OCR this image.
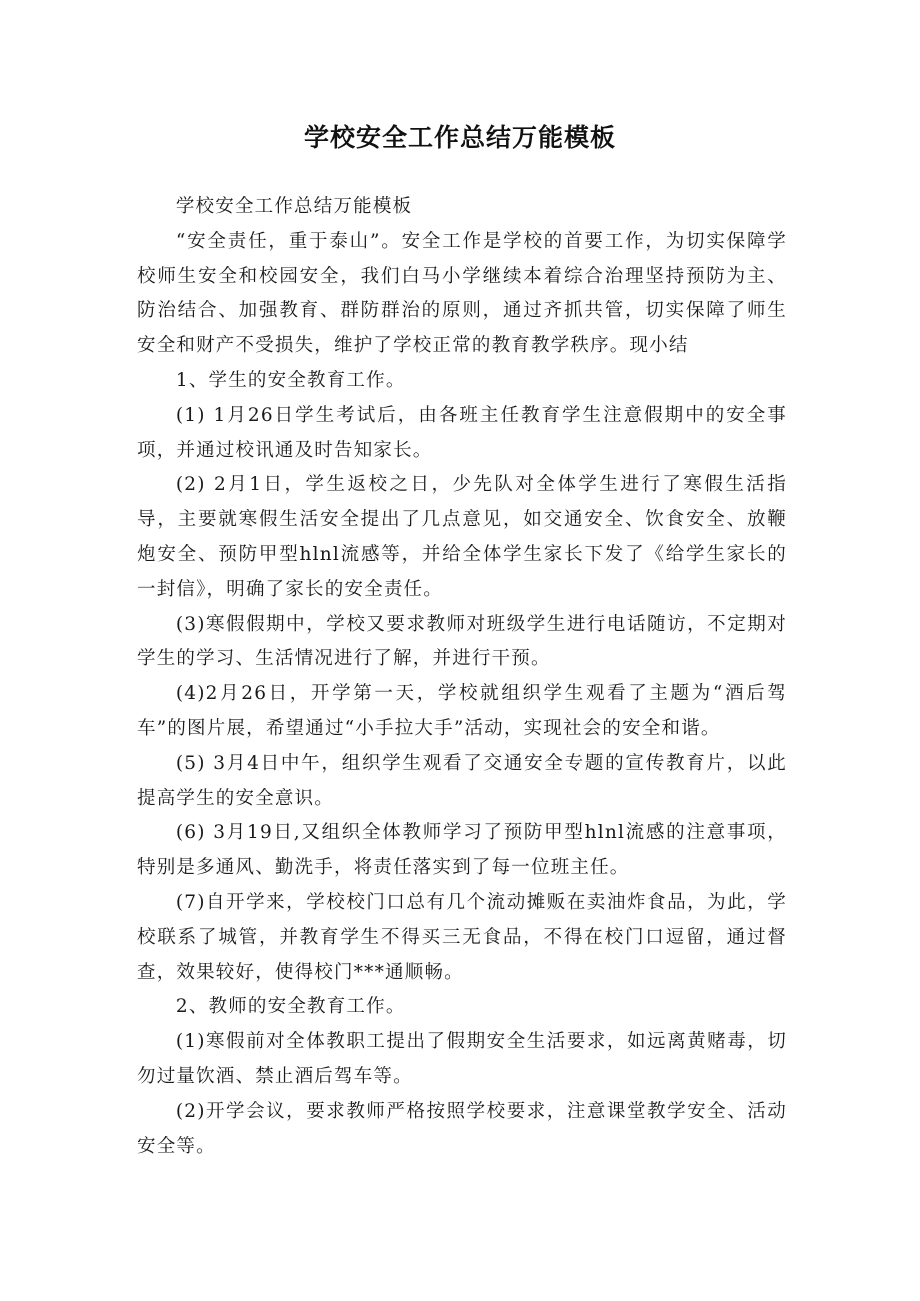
学校安全工作总结万能模板

学校安全工作总结万能模板

“安全责任，重于泰山”。安全工作是学校的首要工作，为切实保障学校师生安全和校园安全，我们白马小学继续本着综合治理坚持预防为主、防治结合、加强教育、群防群治的原则，通过齐抓共管，切实保障了师生安全和财产不受损失，维护了学校正常的教育教学秩序。现小结

1、学生的安全教育工作。

(1) 1月26日学生考试后，由各班主任教育学生注意假期中的安全事项，并通过校讯通及时告知家长。

(2) 2月1日，学生返校之日，少先队对全体学生进行了寒假生活指导，主要就寒假生活安全提出了几点意见，如交通安全、饮食安全、放鞭炮安全、预防甲型hlnl流感等，并给全体学生家长下发了《给学生家长的一封信》，明确了家长的安全责任。

(3)寒假假期中，学校又要求教师对班级学生进行电话随访，不定期对学生的学习、生活情况进行了解，并进行干预。

(4)2月26日，开学第一天，学校就组织学生观看了主题为“酒后驾车”的图片展，希望通过“小手拉大手”活动，实现社会的安全和谐。

(5) 3月4日中午，组织学生观看了交通安全专题的宣传教育片，以此提高学生的安全意识。

(6) 3月19日,又组织全体教师学习了预防甲型hlnl流感的注意事项，特别是多通风、勤洗手，将责任落实到了每一位班主任。

(7)自开学来，学校校门口总有几个流动摊贩在卖油炸食品，为此，学校联系了城管，并教育学生不得买三无食品，不得在校门口逗留，通过督查，效果较好，使得校门***通顺畅。

2、教师的安全教育工作。

(1)寒假前对全体教职工提出了假期安全生活要求，如远离黄赌毒，切勿过量饮酒、禁止酒后驾车等。

(2)开学会议，要求教师严格按照学校要求，注意课堂教学安全、活动安全等。
